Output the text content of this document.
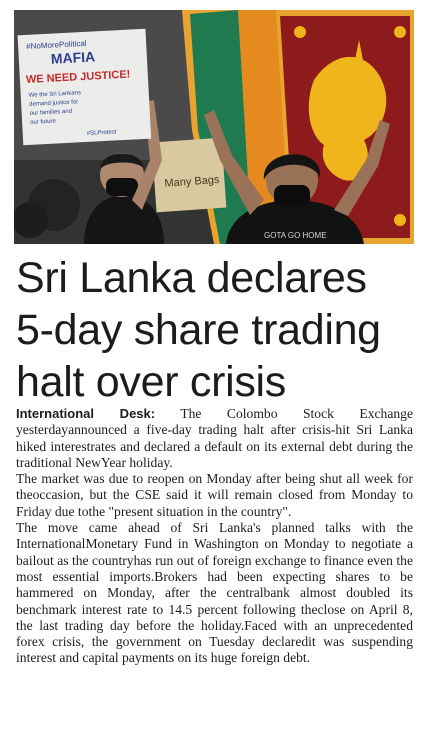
Many Bags
#NoMorePolitical
MAFIA
WE NEED JUSTICE!
We the Sri Lankans
demand justice for
our families and
our future
#SLProtest
GOTA GO HOME
Sri Lanka declares
5-day share trading
halt over crisis

International Desk: The Colombo Stock Exchange yesterdayannounced a five-day trading halt after crisis-hit Sri Lanka hiked interestrates and declared a default on its external debt during the traditional NewYear holiday.

The market was due to reopen on Monday after being shut all week for theoccasion, but the CSE said it will remain closed from Monday to Friday due tothe "present situation in the country".

The move came ahead of Sri Lanka's planned talks with the InternationalMonetary Fund in Washington on Monday to negotiate a bailout as the countryhas run out of foreign exchange to finance even the most essential imports.Brokers had been expecting shares to be hammered on Monday, after the centralbank almost doubled its benchmark interest rate to 14.5 percent following theclose on April 8, the last trading day before the holiday.Faced with an unprecedented forex crisis, the government on Tuesday declaredit was suspending interest and capital payments on its huge foreign debt.
